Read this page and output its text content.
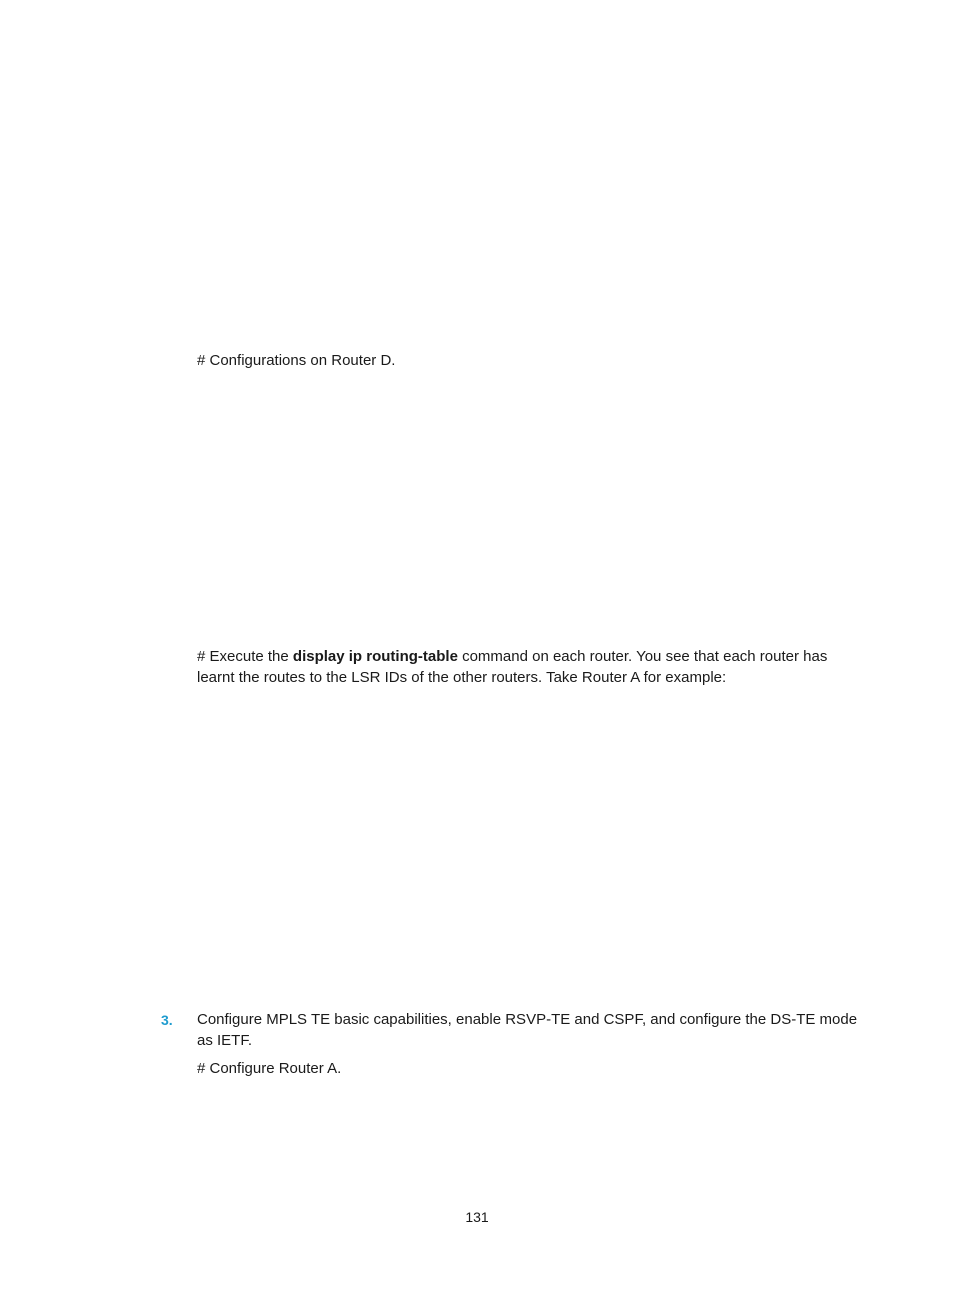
# Configurations on Router D.

# Execute the display ip routing-table command on each router. You see that each router has learnt the routes to the LSR IDs of the other routers. Take Router A for example:

3. Configure MPLS TE basic capabilities, enable RSVP-TE and CSPF, and configure the DS-TE mode as IETF.

# Configure Router A.

131
